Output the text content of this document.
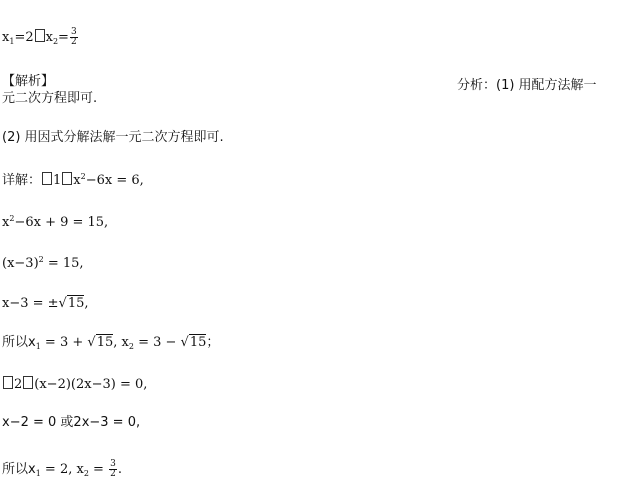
$x_1=2$ $x_2= \frac{3}{2}$
【解析】	分析：(1) 用配方法解一
元二次方程即可.
(2) 用因式分解法解一元二次方程即可.
详解： 1 $x^2-6x = 6$,
$x^2-6x + 9 = 15$,
$(x-3)^2 = 15$,
x−3 = ±√15,
所以$x_1 = 3 + √15$, $x_2 = 3 - √15$；
2 (x−2)(2x−3) = 0,
x−2 = 0 或2x−3 = 0,
所以$x_1 = 2$, $x_2 = \frac{3}{2}$ .
